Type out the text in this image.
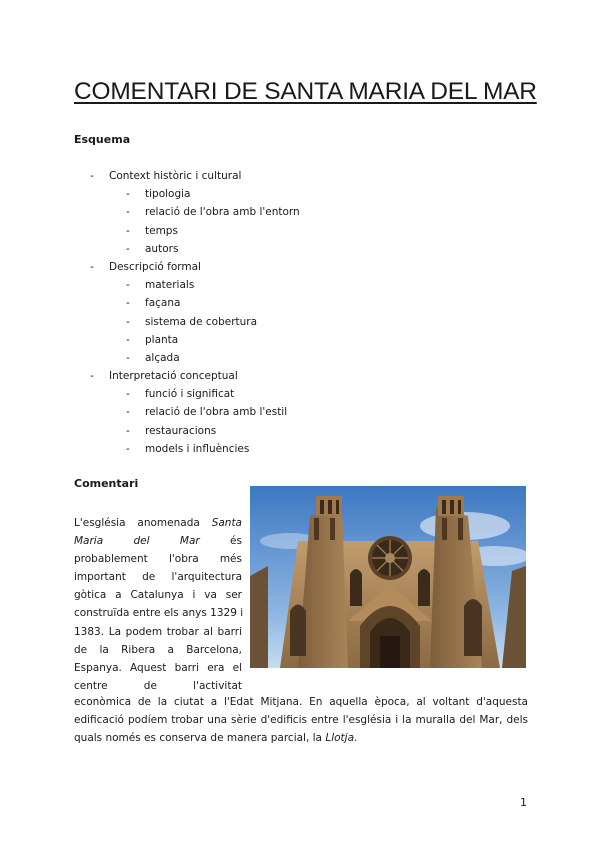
COMENTARI DE SANTA MARIA DEL MAR
Esquema
- Context històric i cultural
- tipologia
- relació de l'obra amb l'entorn
- temps
- autors
- Descripció formal
- materials
- façana
- sistema de cobertura
- planta
- alçada
- Interpretació conceptual
- funció i significat
- relació de l'obra amb l'estil
- restauracions
- models i influències
Comentari
L'església anomenada Santa
Maria del Mar és
probablement l'obra més
important de l'arquitectura
gòtica a Catalunya i va ser
construïda entre els anys 1329 i
1383. La podem trobar al barri
de la Ribera a Barcelona,
Espanya. Aquest barri era el
centre de l'activitat
econòmica de la ciutat a l'Edat Mitjana. En aquella època, al voltant d'aquesta
edificació podíem trobar una sèrie d'edificis entre l'església i la muralla del Mar, dels
quals només es conserva de manera parcial, la Llotja.
1
